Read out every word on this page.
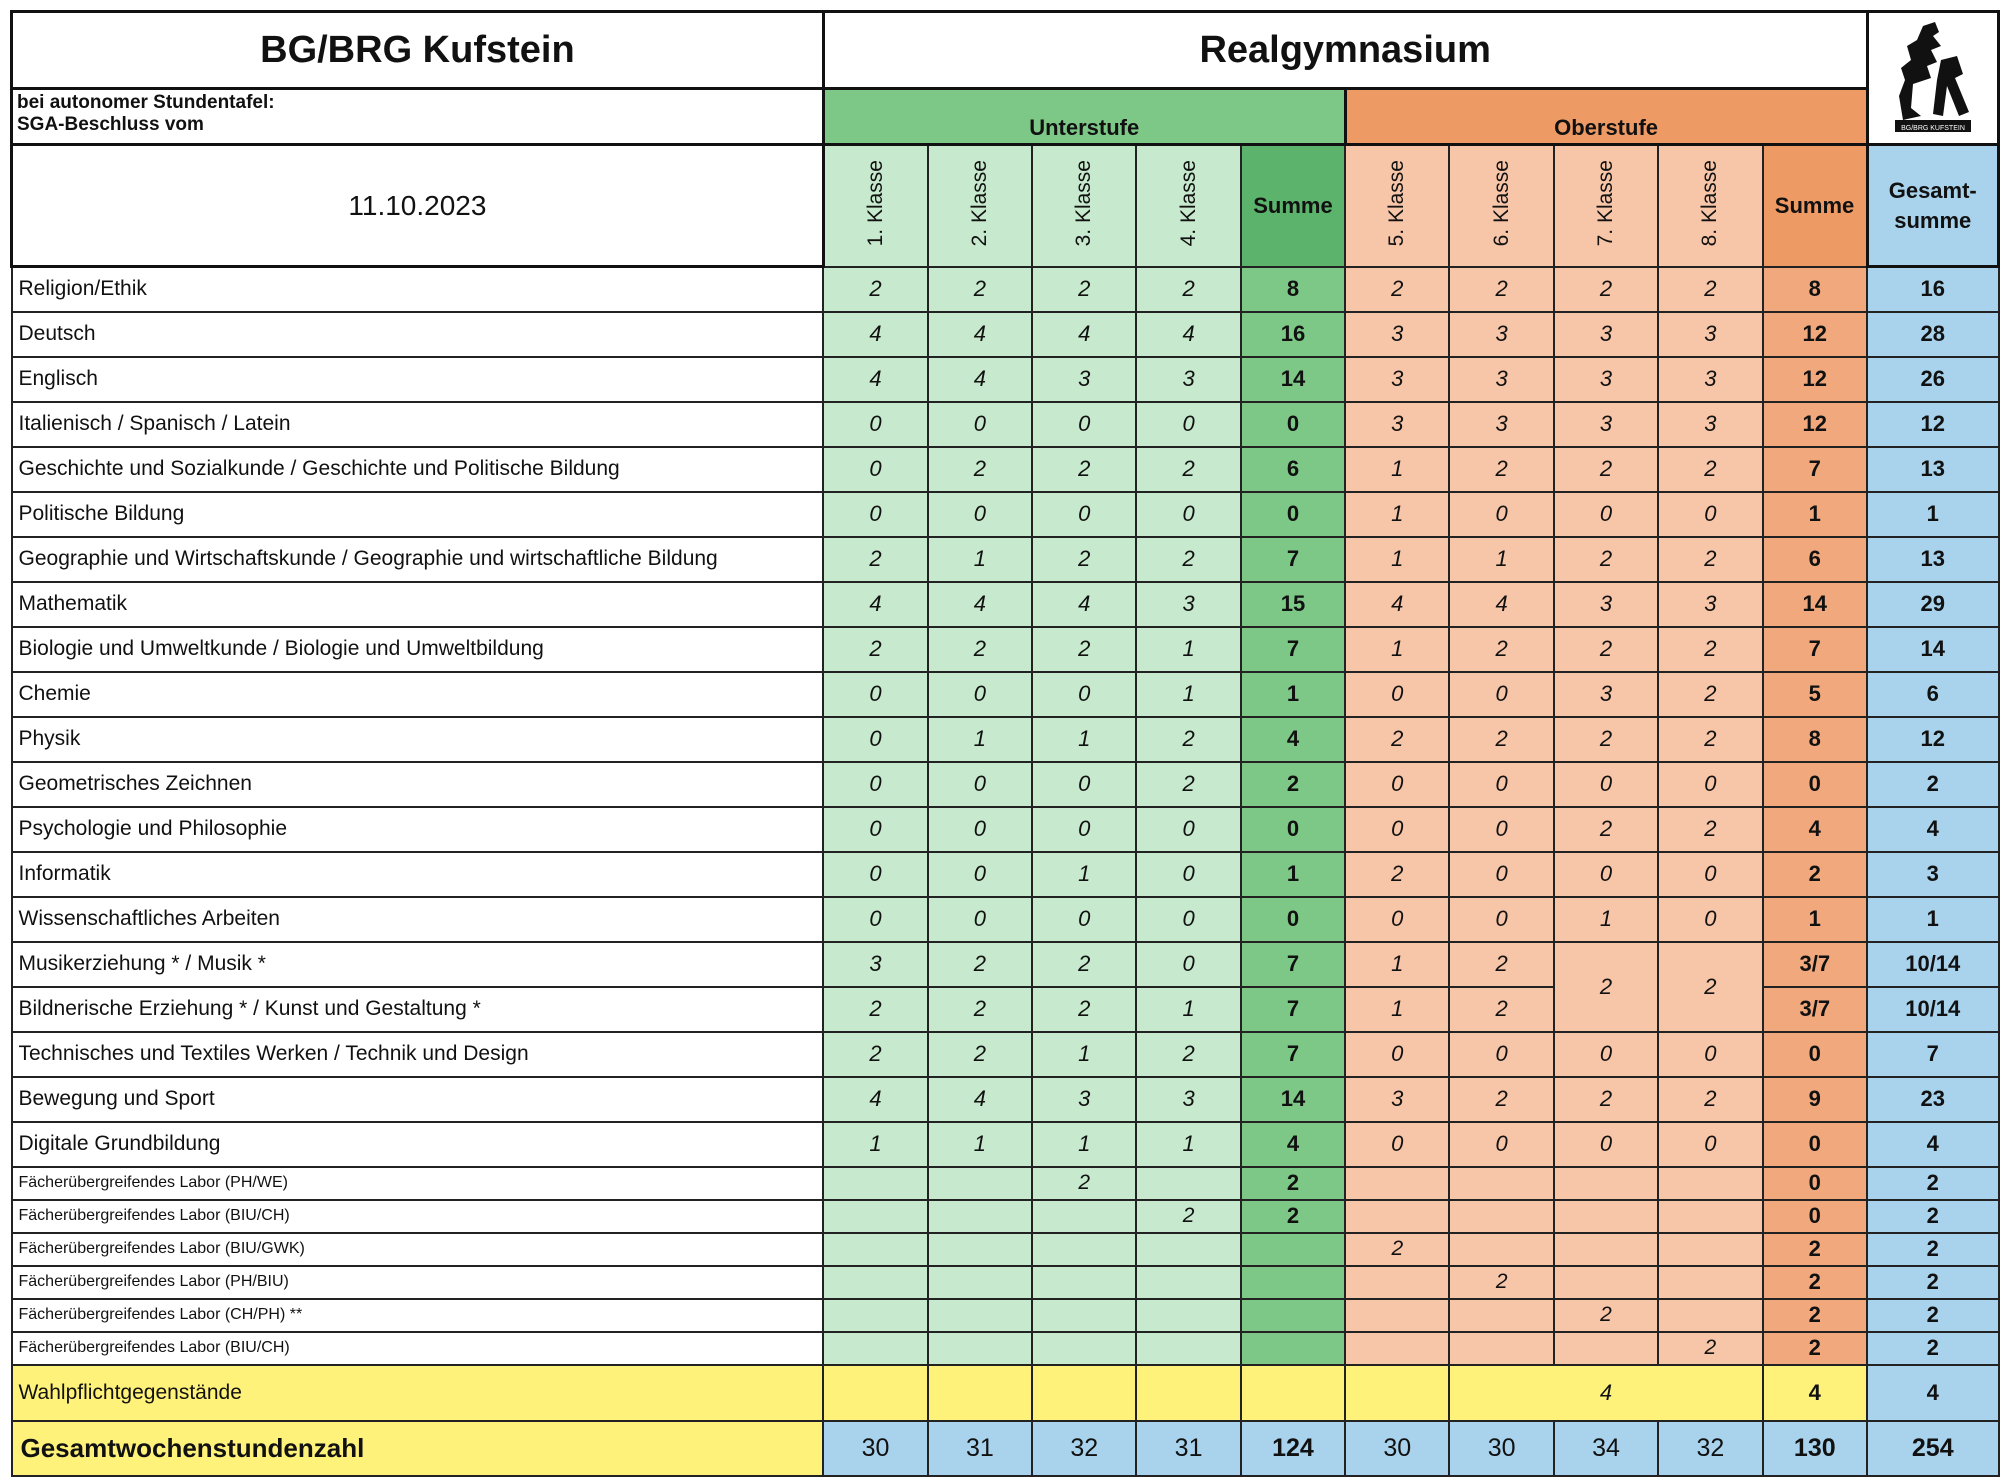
BG/BRG Kufstein	Realgymnasium										BG/BRG KUFSTEIN

bei autonomer Stundentafel:
SGA-Beschluss vom	Unterstufe					Oberstufe					
11.10.2023	1. Klasse	2. Klasse	3. Klasse	4. Klasse	Summe	5. Klasse	6. Klasse	7. Klasse	8. Klasse	Summe	Gesamt-
summe
Religion/Ethik	2	2	2	2	8	2	2	2	2	8	16
Deutsch	4	4	4	4	16	3	3	3	3	12	28
Englisch	4	4	3	3	14	3	3	3	3	12	26
Italienisch / Spanisch / Latein	0	0	0	0	0	3	3	3	3	12	12
Geschichte und Sozialkunde / Geschichte und Politische Bildung	0	2	2	2	6	1	2	2	2	7	13
Politische Bildung	0	0	0	0	0	1	0	0	0	1	1
Geographie und Wirtschaftskunde / Geographie und wirtschaftliche Bildung	2	1	2	2	7	1	1	2	2	6	13
Mathematik	4	4	4	3	15	4	4	3	3	14	29
Biologie und Umweltkunde / Biologie und Umweltbildung	2	2	2	1	7	1	2	2	2	7	14
Chemie	0	0	0	1	1	0	0	3	2	5	6
Physik	0	1	1	2	4	2	2	2	2	8	12
Geometrisches Zeichnen	0	0	0	2	2	0	0	0	0	0	2
Psychologie und Philosophie	0	0	0	0	0	0	0	2	2	4	4
Informatik	0	0	1	0	1	2	0	0	0	2	3
Wissenschaftliches Arbeiten	0	0	0	0	0	0	0	1	0	1	1
Musikerziehung * / Musik *	3	2	2	0	7	1	2	2	2	3/7	10/14
Bildnerische Erziehung * / Kunst und Gestaltung *	2	2	2	1	7	1	2			3/7	10/14
Technisches und Textiles Werken / Technik und Design	2	2	1	2	7	0	0	0	0	0	7
Bewegung und Sport	4	4	3	3	14	3	2	2	2	9	23
Digitale Grundbildung	1	1	1	1	4	0	0	0	0	0	4
Fächerübergreifendes Labor (PH/WE)			2		2					0	2
Fächerübergreifendes Labor (BIU/CH)				2	2					0	2
Fächerübergreifendes Labor (BIU/GWK)						2				2	2
Fächerübergreifendes Labor (PH/BIU)							2			2	2
Fächerübergreifendes Labor (CH/PH) **								2		2	2
Fächerübergreifendes Labor (BIU/CH)									2	2	2
Wahlpflichtgegenstände							4			4	4
Gesamtwochenstundenzahl	30	31	32	31	124	30	30	34	32	130	254
